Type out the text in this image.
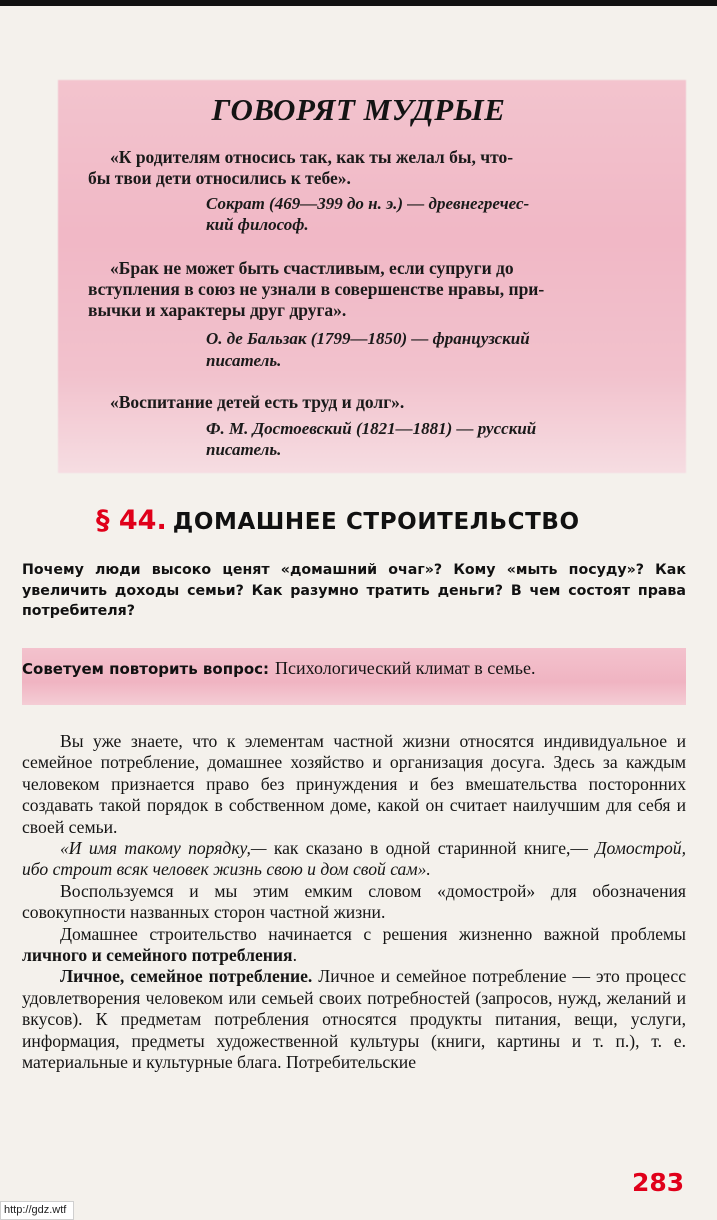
ГОВОРЯТ МУДРЫЕ
«К родителям относись так, как ты желал бы, что-
бы твои дети относились к тебе».
Сократ (469—399 до н. э.) — древнегречес-
кий философ.
«Брак не может быть счастливым, если супруги до
вступления в союз не узнали в совершенстве нравы, при-
вычки и характеры друг друга».
О. де Бальзак (1799—1850) — французский
писатель.
«Воспитание детей есть труд и долг».
Ф. М. Достоевский (1821—1881) — русский
писатель.
§ 44. ДОМАШНЕЕ СТРОИТЕЛЬСТВО
Почему люди высоко ценят «домашний очаг»? Кому «мыть посуду»? Как увеличить доходы семьи? Как разумно тратить деньги? В чем состоят права потребителя?
Советуем повторить вопрос: Психологический климат в семье.

Вы уже знаете, что к элементам частной жизни относятся индивидуальное и семейное потребление, домашнее хозяйство и организация досуга. Здесь за каждым человеком признается право без принуждения и без вмешательства посторонних создавать такой порядок в собственном доме, какой он считает наилучшим для себя и своей семьи.

«И имя такому порядку,— как сказано в одной старинной книге,— Домострой, ибо строит всяк человек жизнь свою и дом свой сам».

Воспользуемся и мы этим емким словом «домострой» для обозначения совокупности названных сторон частной жизни.

Домашнее строительство начинается с решения жизненно важной проблемы личного и семейного потребления.

Личное, семейное потребление. Личное и семейное потребление — это процесс удовлетворения человеком или семьей своих потребностей (запросов, нужд, желаний и вкусов). К предметам потребления относятся продукты питания, вещи, услуги, информация, предметы художественной культуры (книги, картины и т. п.), т. е. материальные и культурные блага. Потребительские

283
http://gdz.wtf
